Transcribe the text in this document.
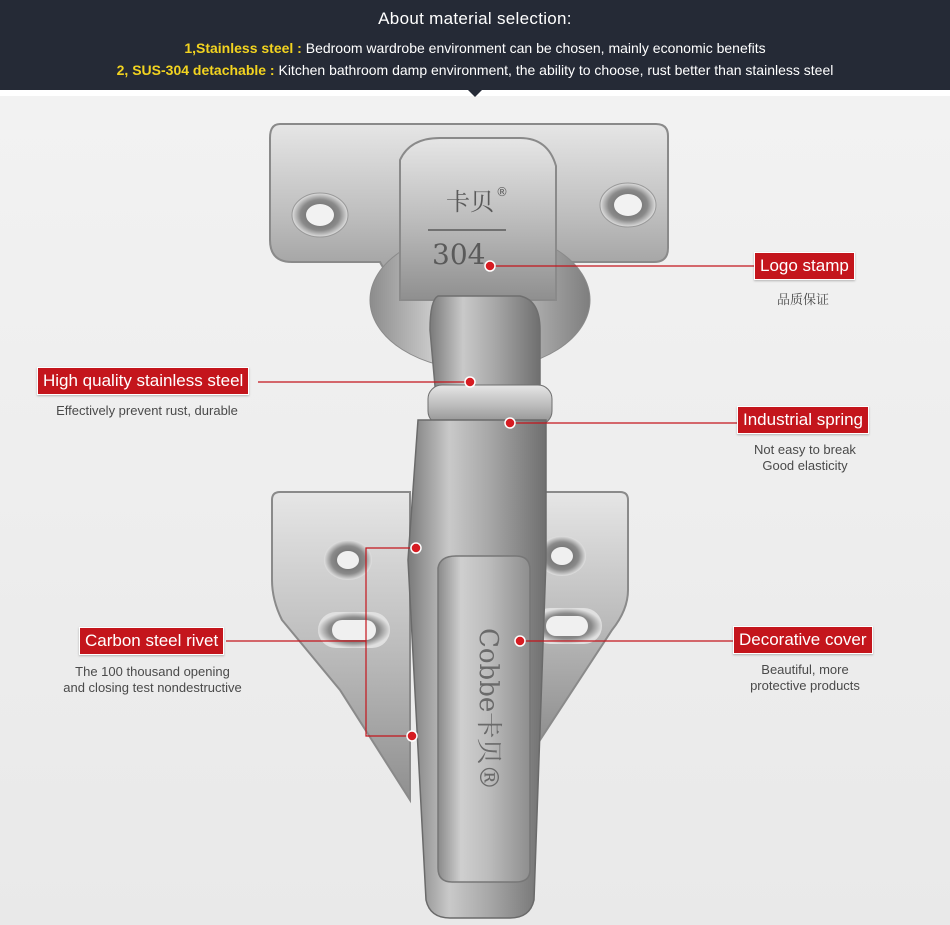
About material selection:
1,Stainless steel : Bedroom wardrobe environment can be chosen, mainly economic benefits
2, SUS-304 detachable : Kitchen bathroom damp environment, the ability to choose, rust better than stainless steel
卡贝 ®
304
Cobbe卡贝®
Logo stamp
品质保证
High quality stainless steel
Effectively prevent rust, durable	Industrial spring
Not easy to break
Good elasticity
Carbon steel rivet
The 100 thousand opening
and closing test nondestructive
Decorative cover
Beautiful, more
protective products
